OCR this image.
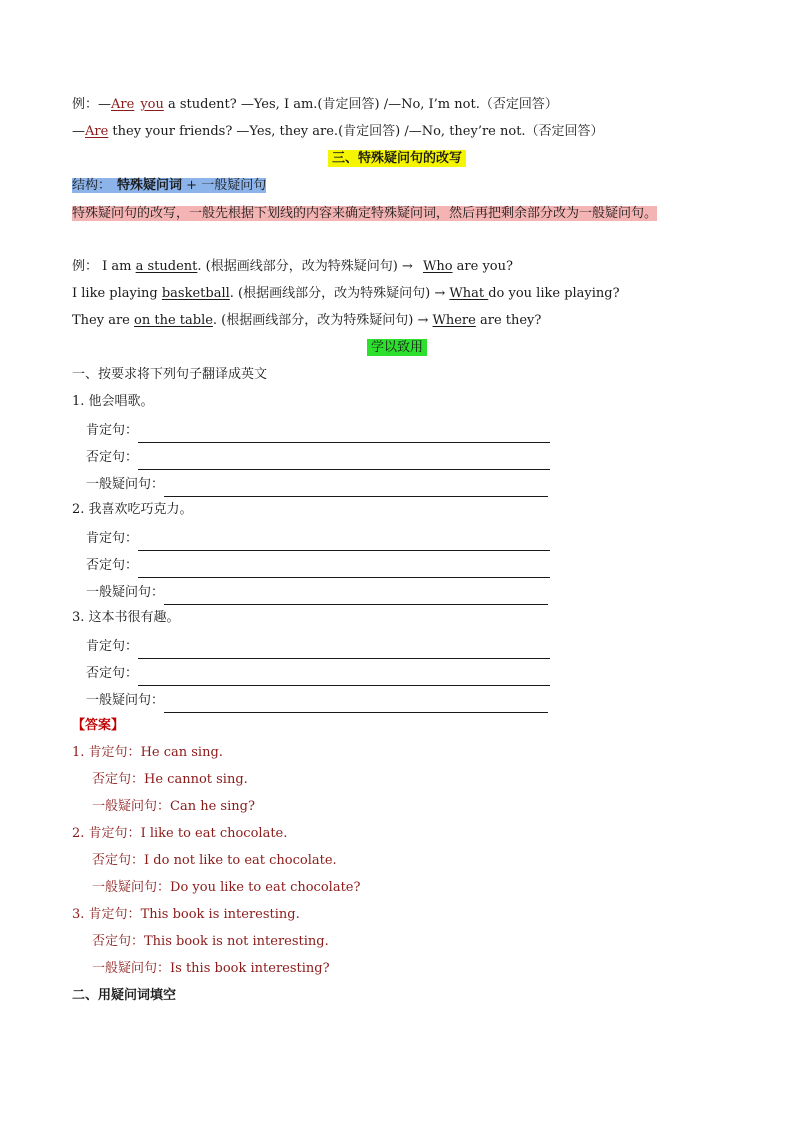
例：—Are you a student? —Yes, I am.(肯定回答) /—No, I’m not.（否定回答）
—Are they your friends? —Yes, they are.(肯定回答) /—No, they’re not.（否定回答）
三、特殊疑问句的改写
结构： 特殊疑问词 + 一般疑问句
特殊疑问句的改写，一般先根据下划线的内容来确定特殊疑问词，然后再把剩余部分改为一般疑问句。
例： I am a student. (根据画线部分，改为特殊疑问句) → Who are you?
I like playing basketball. (根据画线部分，改为特殊疑问句) → What do you like playing?
They are on the table. (根据画线部分，改为特殊疑问句) → Where are they?
学以致用
一、按要求将下列句子翻译成英文
1. 他会唱歌。
肯定句：
否定句：
一般疑问句：
2. 我喜欢吃巧克力。
肯定句：
否定句：
一般疑问句：
3. 这本书很有趣。
肯定句：
否定句：
一般疑问句：
【答案】
1. 肯定句：He can sing.
否定句：He cannot sing.
一般疑问句：Can he sing?
2. 肯定句：I like to eat chocolate.
否定句：I do not like to eat chocolate.
一般疑问句：Do you like to eat chocolate?
3. 肯定句：This book is interesting.
否定句：This book is not interesting.
一般疑问句：Is this book interesting?
二、用疑问词填空
